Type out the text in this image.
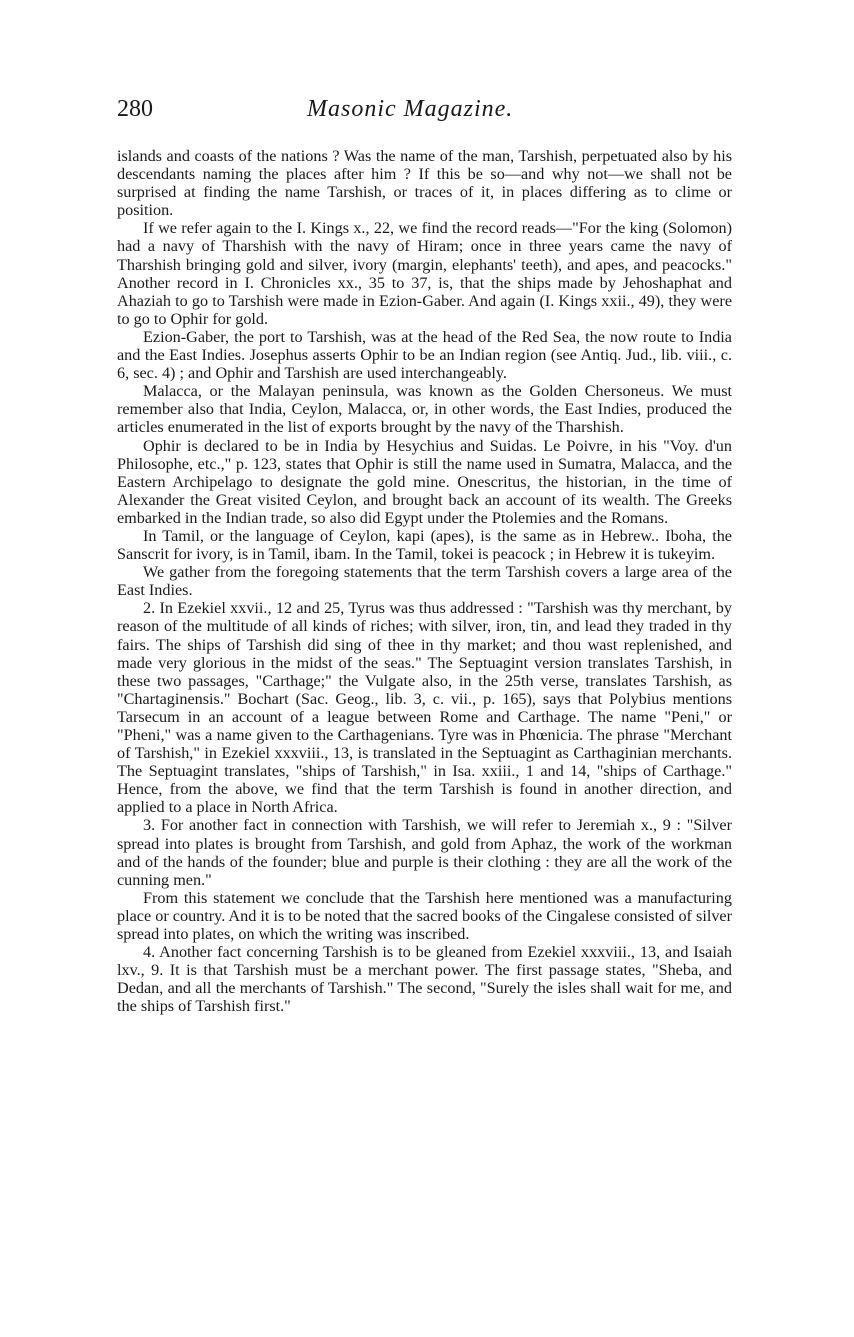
280	Masonic Magazine.

islands and coasts of the nations ? Was the name of the man, Tarshish, perpetuated also by his descendants naming the places after him ? If this be so—and why not—we shall not be surprised at finding the name Tarshish, or traces of it, in places differing as to clime or position.

If we refer again to the I. Kings x., 22, we find the record reads—"For the king (Solomon) had a navy of Tharshish with the navy of Hiram; once in three years came the navy of Tharshish bringing gold and silver, ivory (margin, elephants' teeth), and apes, and peacocks." Another record in I. Chronicles xx., 35 to 37, is, that the ships made by Jehoshaphat and Ahaziah to go to Tarshish were made in Ezion-Gaber. And again (I. Kings xxii., 49), they were to go to Ophir for gold.

Ezion-Gaber, the port to Tarshish, was at the head of the Red Sea, the now route to India and the East Indies. Josephus asserts Ophir to be an Indian region (see Antiq. Jud., lib. viii., c. 6, sec. 4) ; and Ophir and Tarshish are used interchangeably.

Malacca, or the Malayan peninsula, was known as the Golden Chersoneus. We must remember also that India, Ceylon, Malacca, or, in other words, the East Indies, produced the articles enumerated in the list of exports brought by the navy of the Tharshish.

Ophir is declared to be in India by Hesychius and Suidas. Le Poivre, in his "Voy. d'un Philosophe, etc.," p. 123, states that Ophir is still the name used in Sumatra, Malacca, and the Eastern Archipelago to designate the gold mine. Onescritus, the historian, in the time of Alexander the Great visited Ceylon, and brought back an account of its wealth. The Greeks embarked in the Indian trade, so also did Egypt under the Ptolemies and the Romans.

In Tamil, or the language of Ceylon, kapi (apes), is the same as in Hebrew.. Iboha, the Sanscrit for ivory, is in Tamil, ibam. In the Tamil, tokei is peacock ; in Hebrew it is tukeyim.

We gather from the foregoing statements that the term Tarshish covers a large area of the East Indies.

2. In Ezekiel xxvii., 12 and 25, Tyrus was thus addressed : "Tarshish was thy merchant, by reason of the multitude of all kinds of riches; with silver, iron, tin, and lead they traded in thy fairs. The ships of Tarshish did sing of thee in thy market; and thou wast replenished, and made very glorious in the midst of the seas." The Septuagint version translates Tarshish, in these two passages, "Carthage;" the Vulgate also, in the 25th verse, translates Tarshish, as "Chartaginensis." Bochart (Sac. Geog., lib. 3, c. vii., p. 165), says that Polybius mentions Tarsecum in an account of a league between Rome and Carthage. The name "Peni," or "Pheni," was a name given to the Carthagenians. Tyre was in Phœnicia. The phrase "Merchant of Tarshish," in Ezekiel xxxviii., 13, is translated in the Septuagint as Carthaginian merchants. The Septuagint translates, "ships of Tarshish," in Isa. xxiii., 1 and 14, "ships of Carthage." Hence, from the above, we find that the term Tarshish is found in another direction, and applied to a place in North Africa.

3. For another fact in connection with Tarshish, we will refer to Jeremiah x., 9 : "Silver spread into plates is brought from Tarshish, and gold from Aphaz, the work of the workman and of the hands of the founder; blue and purple is their clothing : they are all the work of the cunning men."

From this statement we conclude that the Tarshish here mentioned was a manufacturing place or country. And it is to be noted that the sacred books of the Cingalese consisted of silver spread into plates, on which the writing was inscribed.

4. Another fact concerning Tarshish is to be gleaned from Ezekiel xxxviii., 13, and Isaiah lxv., 9. It is that Tarshish must be a merchant power. The first passage states, "Sheba, and Dedan, and all the merchants of Tarshish." The second, "Surely the isles shall wait for me, and the ships of Tarshish first."
